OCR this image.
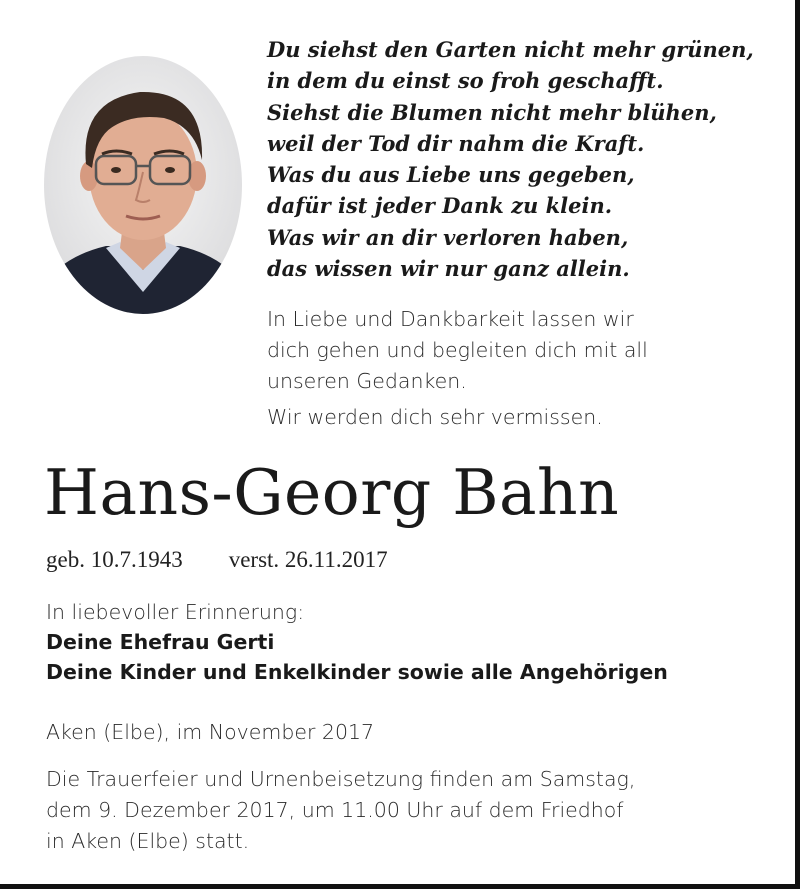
Du siehst den Garten nicht mehr grünen,
in dem du einst so froh geschafft.
Siehst die Blumen nicht mehr blühen,
weil der Tod dir nahm die Kraft.
Was du aus Liebe uns gegeben,
dafür ist jeder Dank zu klein.
Was wir an dir verloren haben,
das wissen wir nur ganz allein.

In Liebe und Dankbarkeit lassen wir
dich gehen und begleiten dich mit all
unseren Gedanken.

Wir werden dich sehr vermissen.

Hans-Georg Bahn
geb. 10.7.1943 verst. 26.11.2017
In liebevoller Erinnerung:
Deine Ehefrau Gerti
Deine Kinder und Enkelkinder sowie alle Angehörigen

Aken (Elbe), im November 2017

Die Trauerfeier und Urnenbeisetzung finden am Samstag,
dem 9. Dezember 2017, um 11.00 Uhr auf dem Friedhof
in Aken (Elbe) statt.
